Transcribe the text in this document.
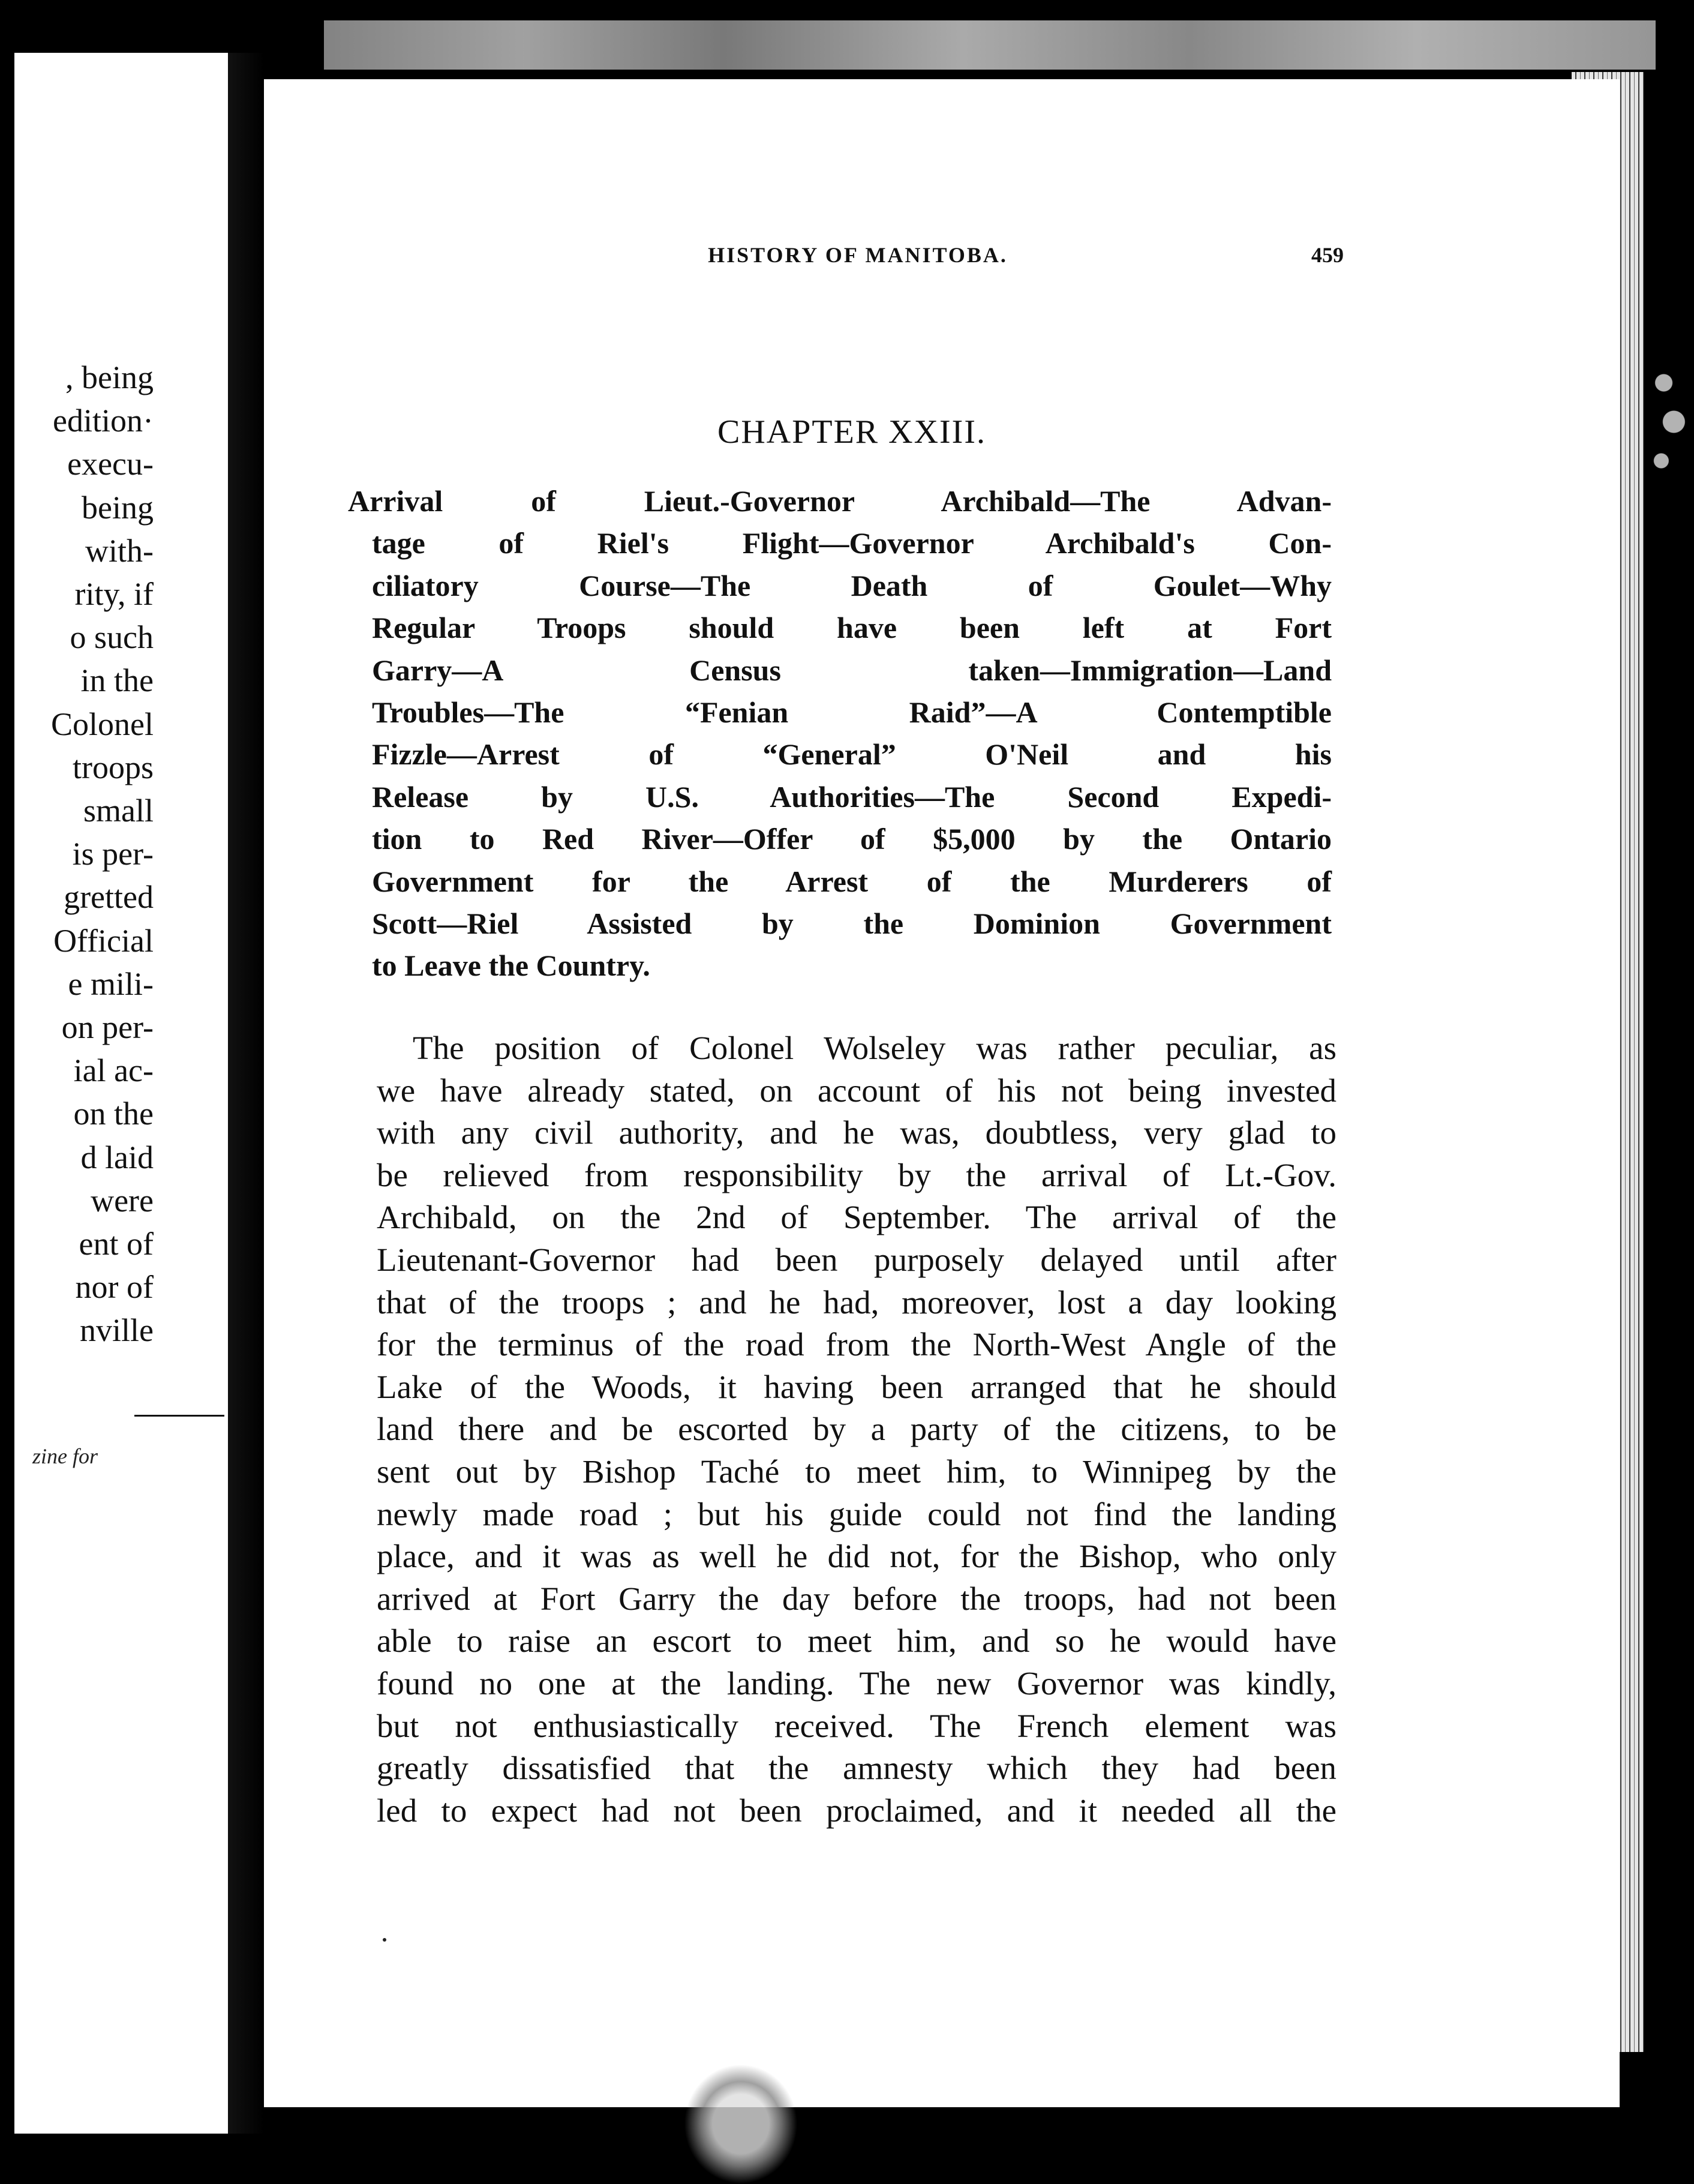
, being
edition·
execu-
being
with-
rity, if
o such
in the
Colonel
troops
small
is per-
gretted
Official
e mili-
on per-
ial ac-
on the
d laid
were
ent of
nor of
nville
zine for
HISTORY OF MANITOBA.	459
CHAPTER XXIII.
Arrival of Lieut.-Governor Archibald—The Advan-
tage of Riel's Flight—Governor Archibald's Con-
ciliatory Course—The Death of Goulet—Why
Regular Troops should have been left at Fort
Garry—A Census taken—Immigration—Land
Troubles—The “Fenian Raid”—A Contemptible
Fizzle—Arrest of “General” O'Neil and his
Release by U.S. Authorities—The Second Expedi-
tion to Red River—Offer of $5,000 by the Ontario
Government for the Arrest of the Murderers of
Scott—Riel Assisted by the Dominion Government
to Leave the Country.
The position of Colonel Wolseley was rather peculiar, as
we have already stated, on account of his not being invested
with any civil authority, and he was, doubtless, very glad to
be relieved from responsibility by the arrival of Lt.-Gov.
Archibald, on the 2nd of September. The arrival of the
Lieutenant-Governor had been purposely delayed until after
that of the troops ; and he had, moreover, lost a day looking
for the terminus of the road from the North-West Angle of the
Lake of the Woods, it having been arranged that he should
land there and be escorted by a party of the citizens, to be
sent out by Bishop Taché to meet him, to Winnipeg by the
newly made road ; but his guide could not find the landing
place, and it was as well he did not, for the Bishop, who only
arrived at Fort Garry the day before the troops, had not been
able to raise an escort to meet him, and so he would have
found no one at the landing. The new Governor was kindly,
but not enthusiastically received. The French element was
greatly dissatisfied that the amnesty which they had been
led to expect had not been proclaimed, and it needed all the
